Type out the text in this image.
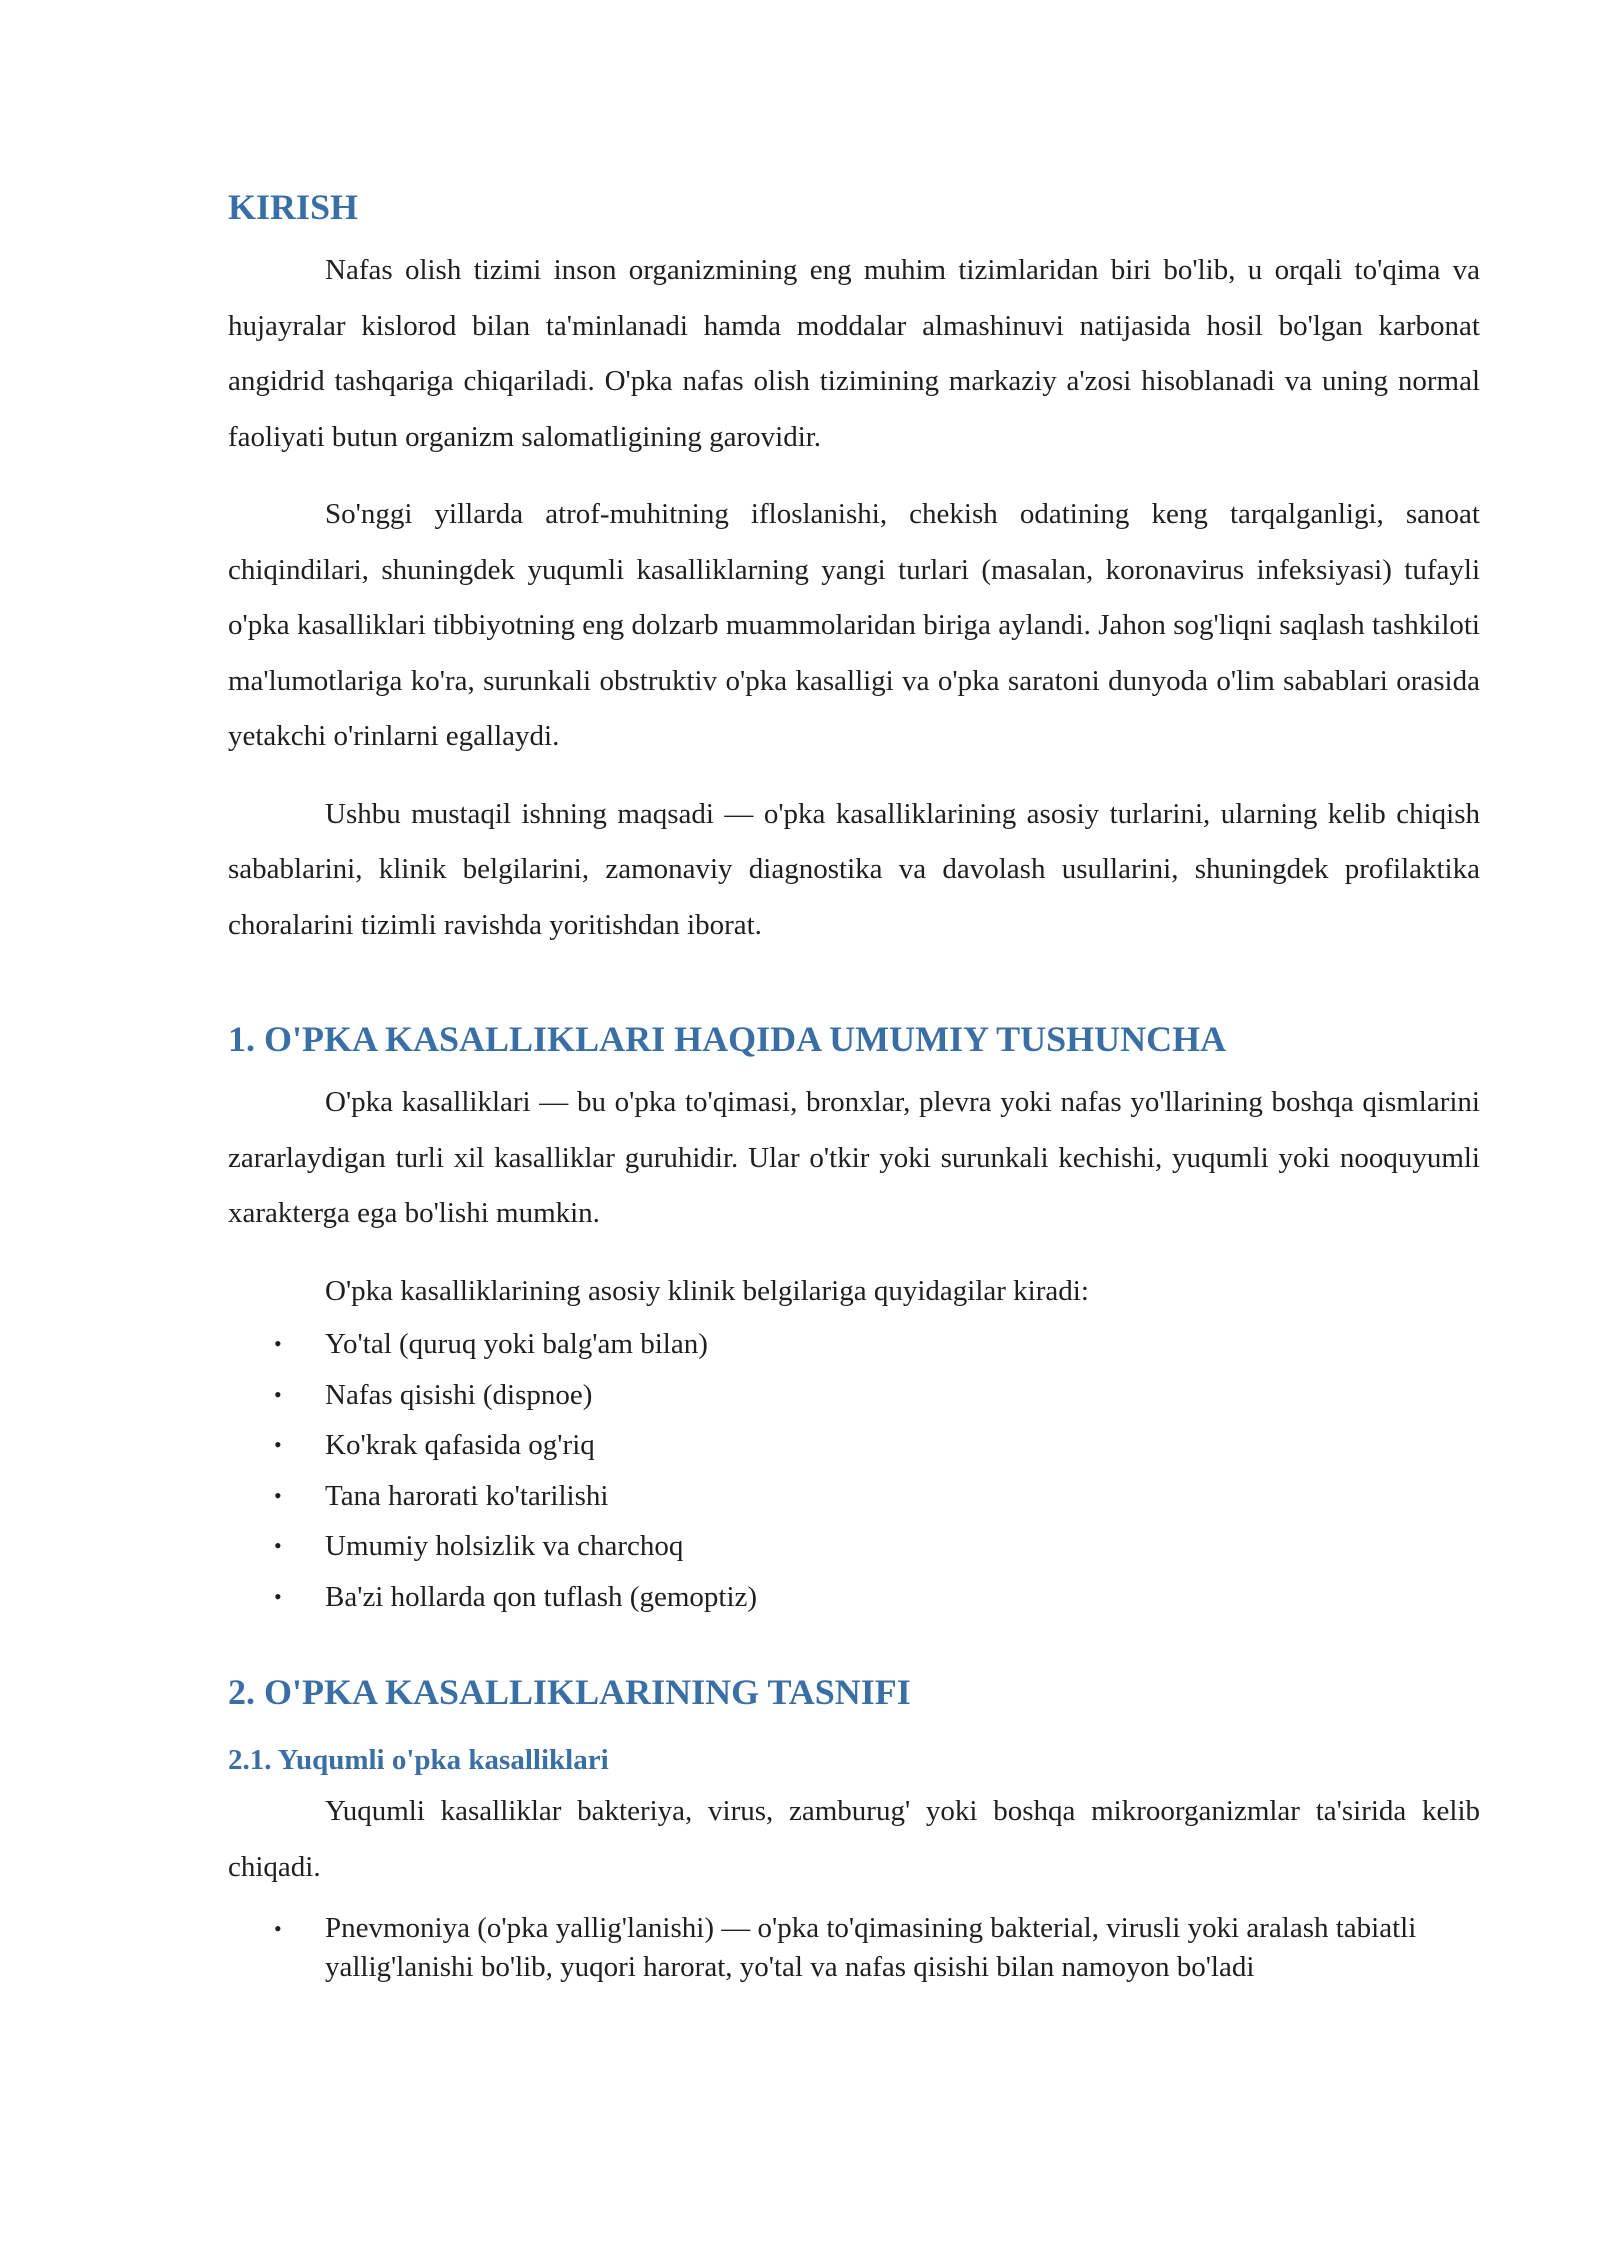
KIRISH

Nafas olish tizimi inson organizmining eng muhim tizimlaridan biri bo'lib, u orqali to'qima va hujayralar kislorod bilan ta'minlanadi hamda moddalar almashinuvi natijasida hosil bo'lgan karbonat angidrid tashqariga chiqariladi. O'pka nafas olish tizimining markaziy a'zosi hisoblanadi va uning normal faoliyati butun organizm salomatligining garovidir.

So'nggi yillarda atrof-muhitning ifloslanishi, chekish odatining keng tarqalganligi, sanoat chiqindilari, shuningdek yuqumli kasalliklarning yangi turlari (masalan, koronavirus infeksiyasi) tufayli o'pka kasalliklari tibbiyotning eng dolzarb muammolaridan biriga aylandi. Jahon sog'liqni saqlash tashkiloti ma'lumotlariga ko'ra, surunkali obstruktiv o'pka kasalligi va o'pka saratoni dunyoda o'lim sabablari orasida yetakchi o'rinlarni egallaydi.

Ushbu mustaqil ishning maqsadi — o'pka kasalliklarining asosiy turlarini, ularning kelib chiqish sabablarini, klinik belgilarini, zamonaviy diagnostika va davolash usullarini, shuningdek profilaktika choralarini tizimli ravishda yoritishdan iborat.

1. O'PKA KASALLIKLARI HAQIDA UMUMIY TUSHUNCHA

O'pka kasalliklari — bu o'pka to'qimasi, bronxlar, plevra yoki nafas yo'llarining boshqa qismlarini zararlaydigan turli xil kasalliklar guruhidir. Ular o'tkir yoki surunkali kechishi, yuqumli yoki nooquyumli xarakterga ega bo'lishi mumkin.

O'pka kasalliklarining asosiy klinik belgilariga quyidagilar kiradi:

• Yo'tal (quruq yoki balg'am bilan)
• Nafas qisishi (dispnoe)
• Ko'krak qafasida og'riq
• Tana harorati ko'tarilishi
• Umumiy holsizlik va charchoq
• Ba'zi hollarda qon tuflash (gemoptiz)
2. O'PKA KASALLIKLARINING TASNIFI
2.1. Yuqumli o'pka kasalliklari

Yuqumli kasalliklar bakteriya, virus, zamburug' yoki boshqa mikroorganizmlar ta'sirida kelib chiqadi.

• Pnevmoniya (o'pka yallig'lanishi) — o'pka to'qimasining bakterial, virusli yoki aralash tabiatli yallig'lanishi bo'lib, yuqori harorat, yo'tal va nafas qisishi bilan namoyon bo'ladi
